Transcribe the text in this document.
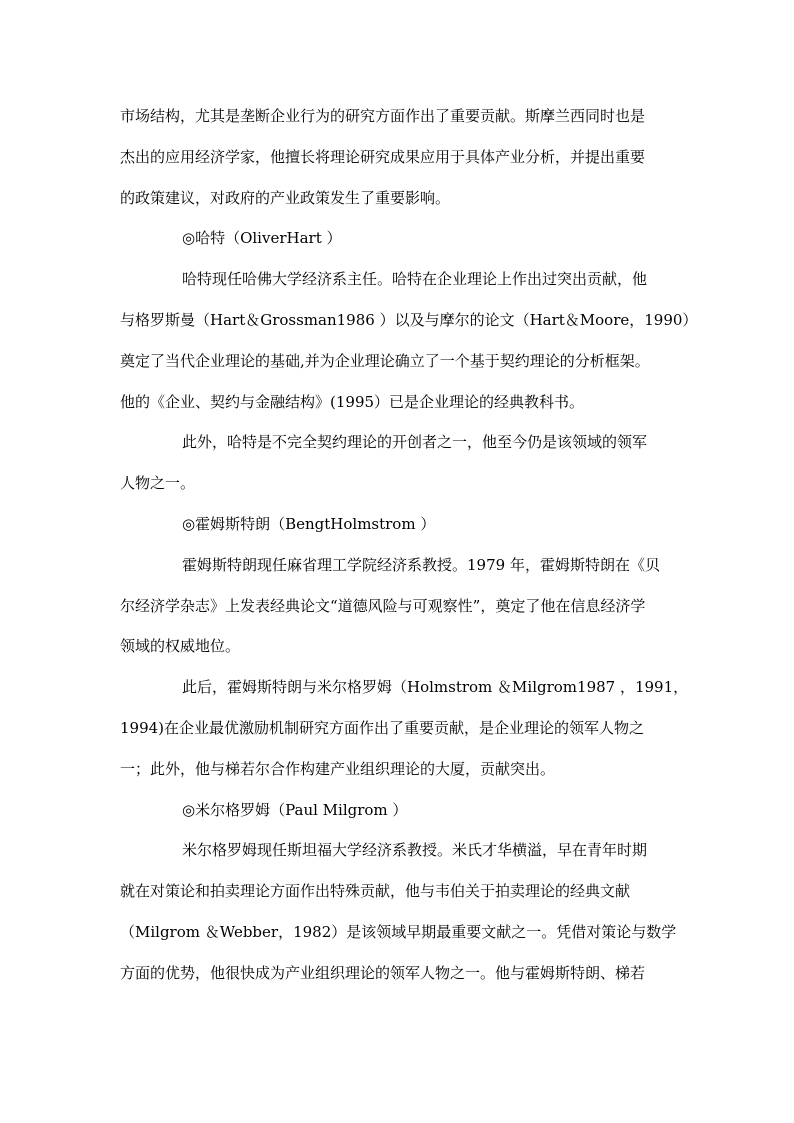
市场结构，尤其是垄断企业行为的研究方面作出了重要贡献。斯摩兰西同时也是
杰出的应用经济学家，他擅长将理论研究成果应用于具体产业分析，并提出重要
的政策建议，对政府的产业政策发生了重要影响。
◎哈特（OliverHart ）
哈特现任哈佛大学经济系主任。哈特在企业理论上作出过突出贡献，他
与格罗斯曼（Hart＆Grossman1986 ）以及与摩尔的论文（Hart＆Moore，1990）
奠定了当代企业理论的基础,并为企业理论确立了一个基于契约理论的分析框架。
他的《企业、契约与金融结构》(1995）已是企业理论的经典教科书。
此外，哈特是不完全契约理论的开创者之一，他至今仍是该领域的领军
人物之一。
◎霍姆斯特朗（BengtHolmstrom ）
霍姆斯特朗现任麻省理工学院经济系教授。1979 年，霍姆斯特朗在《贝
尔经济学杂志》上发表经典论文“道德风险与可观察性”，奠定了他在信息经济学
领域的权威地位。
此后，霍姆斯特朗与米尔格罗姆（Holmstrom ＆Milgrom1987 ，1991，
1994)在企业最优激励机制研究方面作出了重要贡献，是企业理论的领军人物之
一；此外，他与梯若尔合作构建产业组织理论的大厦，贡献突出。
◎米尔格罗姆（Paul Milgrom ）
米尔格罗姆现任斯坦福大学经济系教授。米氏才华横溢，早在青年时期
就在对策论和拍卖理论方面作出特殊贡献，他与韦伯关于拍卖理论的经典文献
（Milgrom ＆Webber，1982）是该领域早期最重要文献之一。凭借对策论与数学
方面的优势，他很快成为产业组织理论的领军人物之一。他与霍姆斯特朗、梯若
